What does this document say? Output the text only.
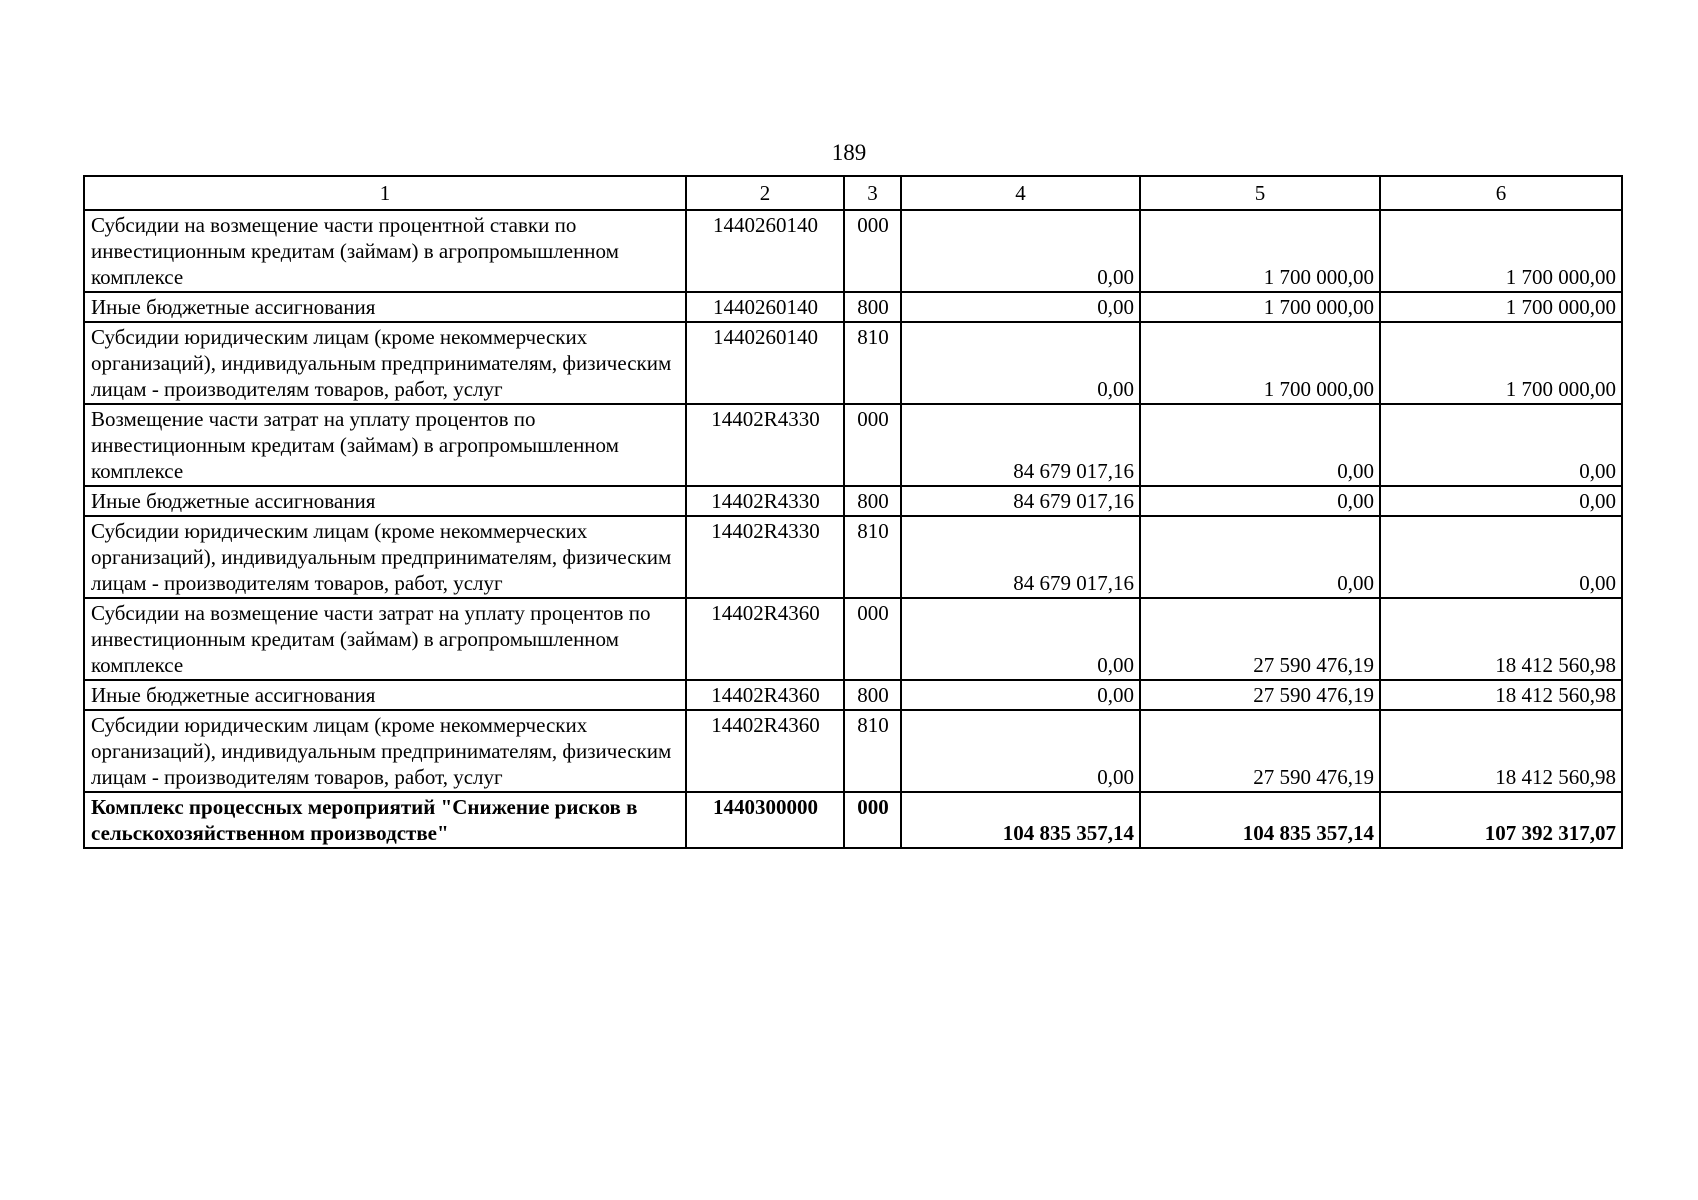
189
1	2	3	4	5	6
Субсидии на возмещение части процентной ставки по инвестиционным кредитам (займам) в агропромышленном комплексе	1440260140	000	0,00	1 700 000,00	1 700 000,00
Иные бюджетные ассигнования	1440260140	800	0,00	1 700 000,00	1 700 000,00
Субсидии юридическим лицам (кроме некоммерческих организаций), индивидуальным предпринимателям, физическим лицам - производителям товаров, работ, услуг	1440260140	810	0,00	1 700 000,00	1 700 000,00
Возмещение части затрат на уплату процентов по инвестиционным кредитам (займам) в агропромышленном комплексе	14402R4330	000	84 679 017,16	0,00	0,00
Иные бюджетные ассигнования	14402R4330	800	84 679 017,16	0,00	0,00
Субсидии юридическим лицам (кроме некоммерческих организаций), индивидуальным предпринимателям, физическим лицам - производителям товаров, работ, услуг	14402R4330	810	84 679 017,16	0,00	0,00
Субсидии на возмещение части затрат на уплату процентов по инвестиционным кредитам (займам) в агропромышленном комплексе	14402R4360	000	0,00	27 590 476,19	18 412 560,98
Иные бюджетные ассигнования	14402R4360	800	0,00	27 590 476,19	18 412 560,98
Субсидии юридическим лицам (кроме некоммерческих организаций), индивидуальным предпринимателям, физическим лицам - производителям товаров, работ, услуг	14402R4360	810	0,00	27 590 476,19	18 412 560,98
Комплекс процессных мероприятий "Снижение рисков в сельскохозяйственном производстве"	1440300000	000	104 835 357,14	104 835 357,14	107 392 317,07
